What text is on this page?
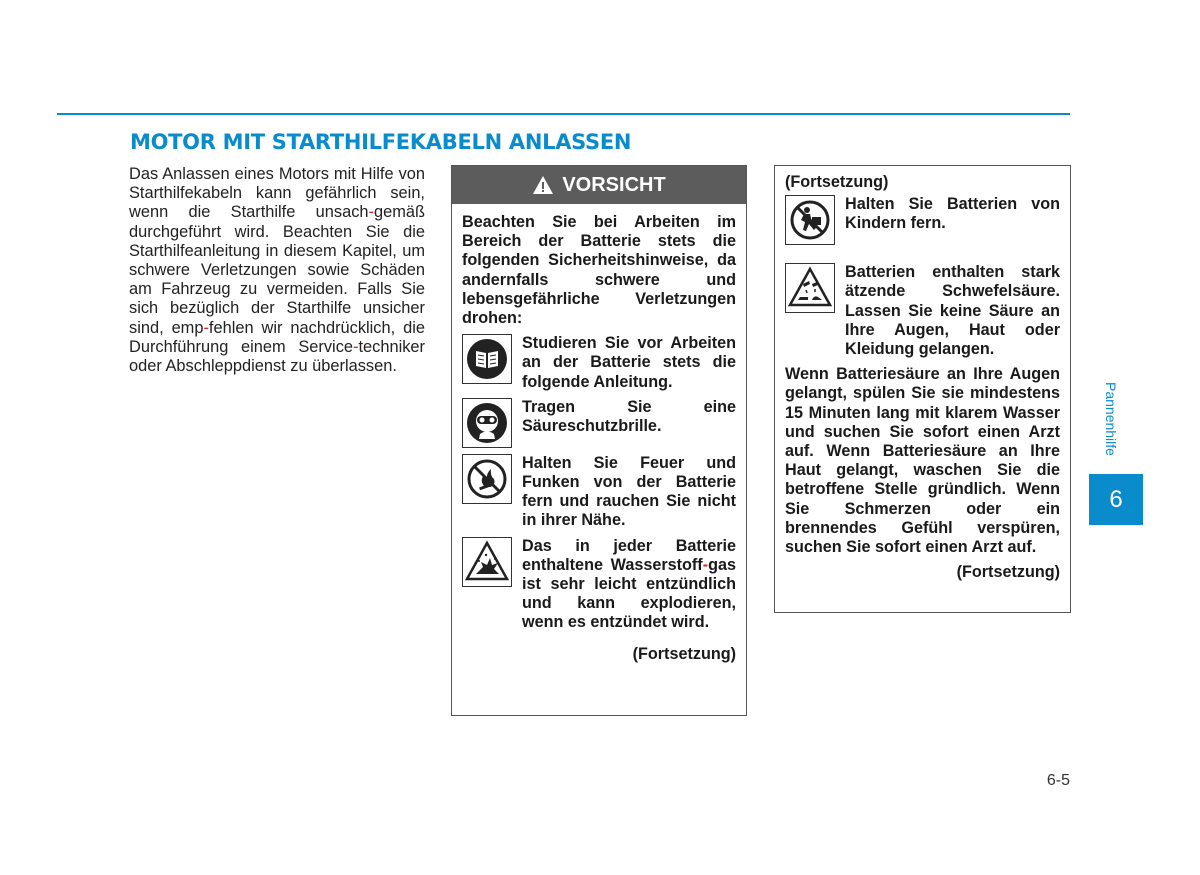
MOTOR MIT STARTHILFEKABELN ANLASSEN

Das Anlassen eines Motors mit Hilfe von Starthilfekabeln kann gefährlich sein, wenn die Starthilfe unsach-gemäß durchgeführt wird. Beachten Sie die Starthilfeanleitung in diesem Kapitel, um schwere Verletzungen sowie Schäden am Fahrzeug zu vermeiden. Falls Sie sich bezüglich der Starthilfe unsicher sind, emp-fehlen wir nachdrücklich, die Durchführung einem Service-techniker oder Abschleppdienst zu überlassen.

VORSICHT

Beachten Sie bei Arbeiten im Bereich der Batterie stets die folgenden Sicherheitshinweise, da andernfalls schwere und lebensgefährliche Verletzungen drohen:

Studieren Sie vor Arbeiten an der Batterie stets die folgende Anleitung.
Tragen Sie eine Säureschutzbrille.
Halten Sie Feuer und Funken von der Batterie fern und rauchen Sie nicht in ihrer Nähe.
Das in jeder Batterie enthaltene Wasserstoff-gas ist sehr leicht entzündlich und kann explodieren, wenn es entzündet wird.
(Fortsetzung)
(Fortsetzung)
Halten Sie Batterien von Kindern fern.
Batterien enthalten stark ätzende Schwefelsäure. Lassen Sie keine Säure an Ihre Augen, Haut oder Kleidung gelangen.

Wenn Batteriesäure an Ihre Augen gelangt, spülen Sie sie mindestens 15 Minuten lang mit klarem Wasser und suchen Sie sofort einen Arzt auf. Wenn Batteriesäure an Ihre Haut gelangt, waschen Sie die betroffene Stelle gründlich. Wenn Sie Schmerzen oder ein brennendes Gefühl verspüren, suchen Sie sofort einen Arzt auf.

(Fortsetzung)
Pannenhilfe
6
6-5
